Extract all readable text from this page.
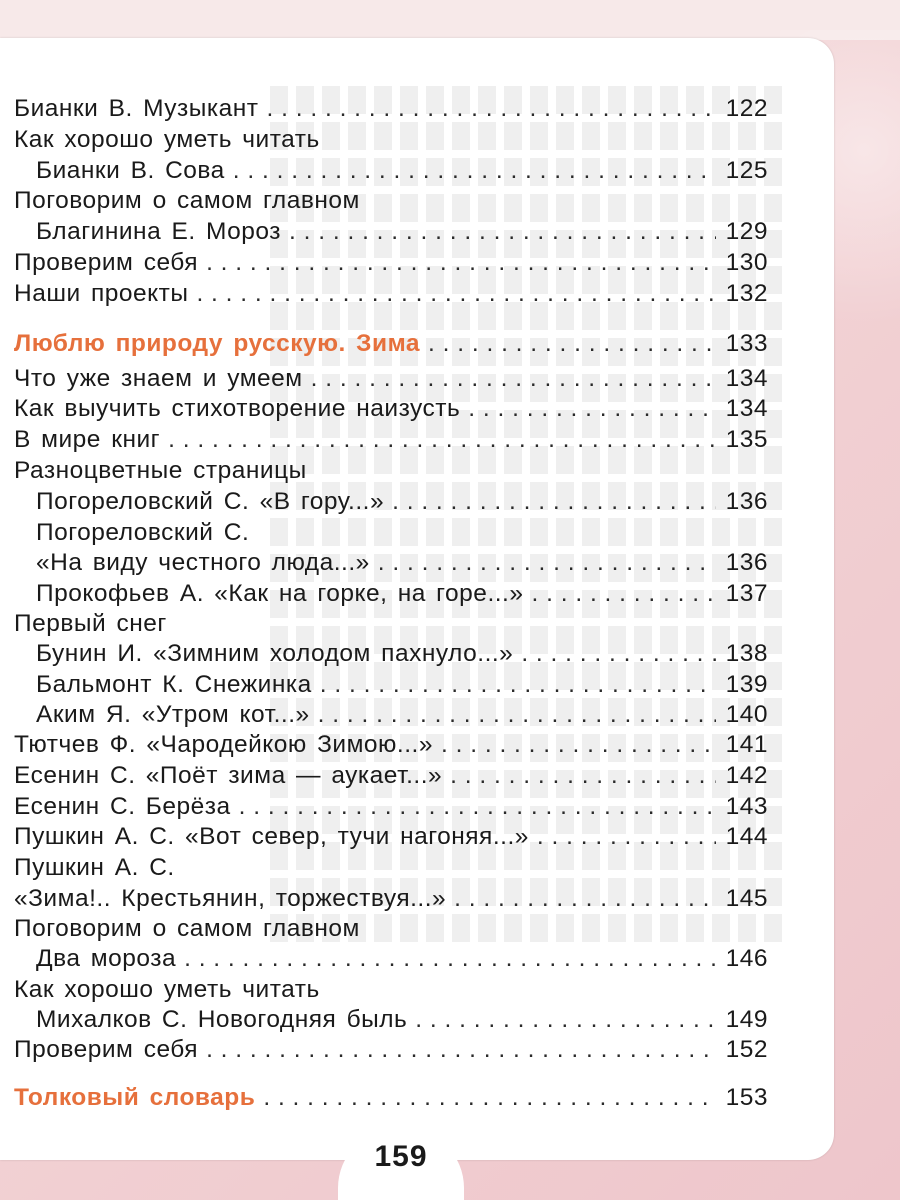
Бианки В. Музыкант . . .	122
Как хорошо уметь читать
Бианки В. Сова . . .	125
Поговорим о самом главном
Благинина Е. Мороз . . .	129
Проверим себя . . .	130
Наши проекты . . .	132
Люблю природу русскую. Зима . . .	133
Что уже знаем и умеем . . .	134
Как выучить стихотворение наизусть . . .	134
В мире книг . . .	135
Разноцветные страницы
Погореловский С. «В гору...» . . .	136
Погореловский С.
«На виду честного люда...» . . .	136
Прокофьев А. «Как на горке, на горе...» . . .	137
Первый снег
Бунин И. «Зимним холодом пахнуло...» . . .	138
Бальмонт К. Снежинка . . .	139
Аким Я. «Утром кот...» . . .	140
Тютчев Ф. «Чародейкою Зимою...» . . .	141
Есенин С. «Поёт зима — аукает...» . . .	142
Есенин С. Берёза . . .	143
Пушкин А. С. «Вот север, тучи нагоняя...» . . .	144
Пушкин А. С.
«Зима!.. Крестьянин, торжествуя...» . . .	145
Поговорим о самом главном
Два мороза . . .	146
Как хорошо уметь читать
Михалков С. Новогодняя быль . . .	149
Проверим себя . . .	152
Толковый словарь . . .	153
159
